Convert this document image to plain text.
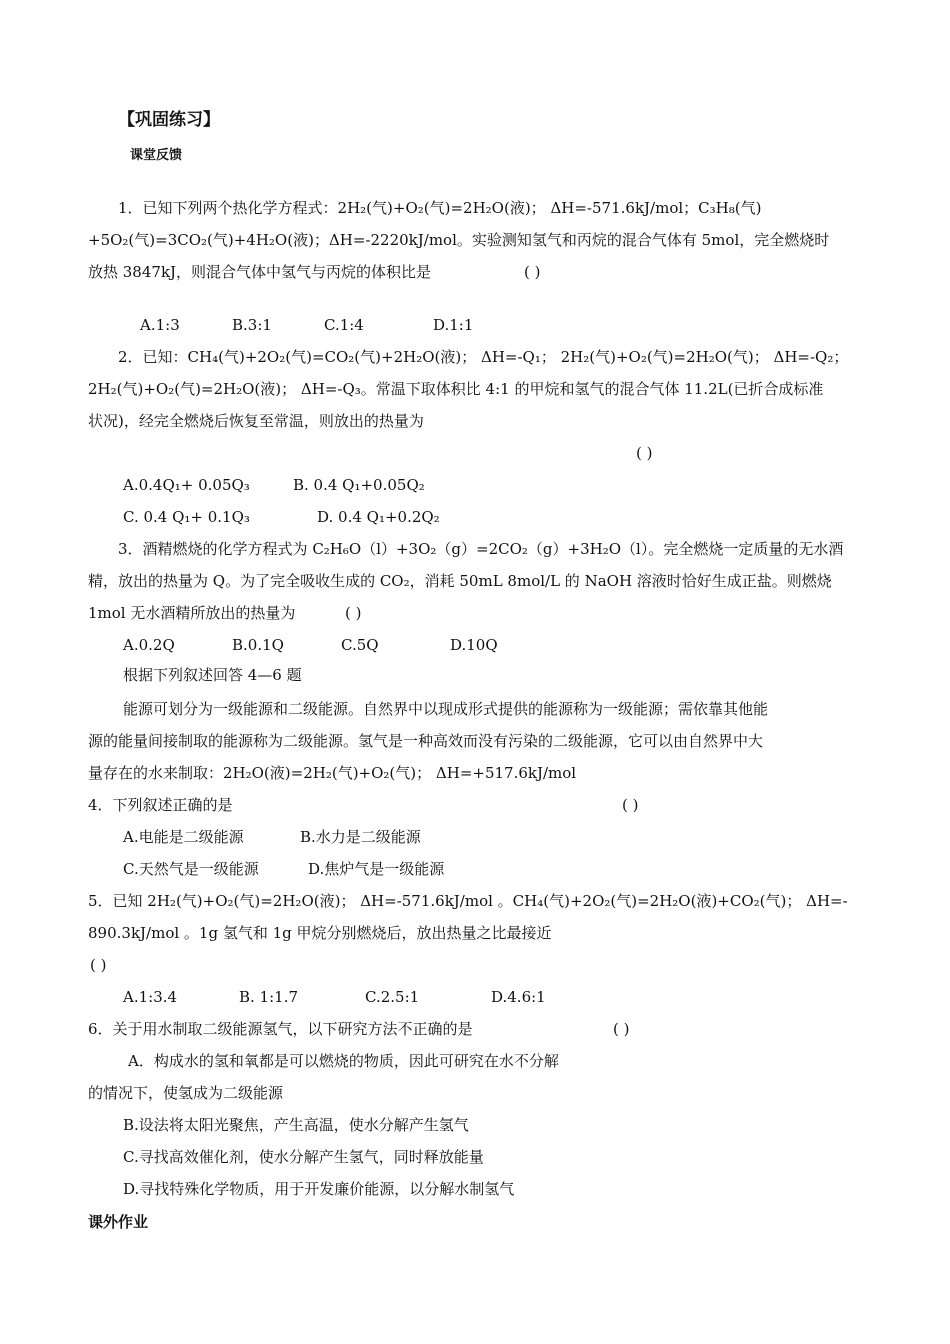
【巩固练习】
课堂反馈
1．已知下列两个热化学方程式：2H₂(气)+O₂(气)=2H₂O(液)； ΔH=-571.6kJ/mol；C₃H₈(气)
+5O₂(气)=3CO₂(气)+4H₂O(液)；ΔH=-2220kJ/mol。实验测知氢气和丙烷的混合气体有 5mol，完全燃烧时
放热 3847kJ，则混合气体中氢气与丙烷的体积比是	( )
A.1:3	B.3:1	C.1:4	D.1:1
2．已知：CH₄(气)+2O₂(气)=CO₂(气)+2H₂O(液)； ΔH=-Q₁； 2H₂(气)+O₂(气)=2H₂O(气)； ΔH=-Q₂；
2H₂(气)+O₂(气)=2H₂O(液)； ΔH=-Q₃。常温下取体积比 4:1 的甲烷和氢气的混合气体 11.2L(已折合成标准
状况)，经完全燃烧后恢复至常温，则放出的热量为
( )
A.0.4Q₁+ 0.05Q₃	B. 0.4 Q₁+0.05Q₂
C. 0.4 Q₁+ 0.1Q₃	D. 0.4 Q₁+0.2Q₂
3．酒精燃烧的化学方程式为 C₂H₆O（l）+3O₂（g）=2CO₂（g）+3H₂O（l）。完全燃烧一定质量的无水酒
精，放出的热量为 Q。为了完全吸收生成的 CO₂，消耗 50mL 8mol/L 的 NaOH 溶液时恰好生成正盐。则燃烧
1mol 无水酒精所放出的热量为	( )
A.0.2Q	B.0.1Q	C.5Q	D.10Q
根据下列叙述回答 4—6 题
能源可划分为一级能源和二级能源。自然界中以现成形式提供的能源称为一级能源；需依靠其他能
源的能量间接制取的能源称为二级能源。氢气是一种高效而没有污染的二级能源，它可以由自然界中大
量存在的水来制取：2H₂O(液)=2H₂(气)+O₂(气)； ΔH=+517.6kJ/mol
4．下列叙述正确的是	( )
A.电能是二级能源	B.水力是二级能源
C.天然气是一级能源	D.焦炉气是一级能源
5．已知 2H₂(气)+O₂(气)=2H₂O(液)； ΔH=-571.6kJ/mol 。CH₄(气)+2O₂(气)=2H₂O(液)+CO₂(气)； ΔH=-
890.3kJ/mol 。1g 氢气和 1g 甲烷分别燃烧后，放出热量之比最接近
( )
A.1:3.4	B. 1:1.7	C.2.5:1	D.4.6:1
6．关于用水制取二级能源氢气，以下研究方法不正确的是	( )
A．构成水的氢和氧都是可以燃烧的物质，因此可研究在水不分解
的情况下，使氢成为二级能源
B.设法将太阳光聚焦，产生高温，使水分解产生氢气
C.寻找高效催化剂，使水分解产生氢气，同时释放能量
D.寻找特殊化学物质，用于开发廉价能源，以分解水制氢气
课外作业
